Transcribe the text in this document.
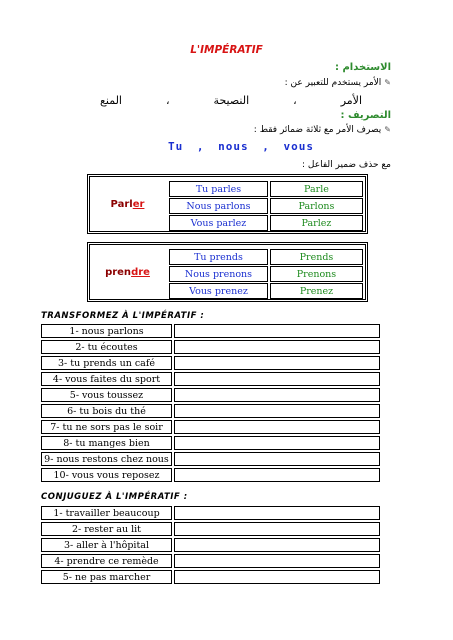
L'IMPÉRATIF
الاستخدام :
✎الأمر يستخدم للتعبير عن :
الأمر
،
النصيحة
،
المنع
التصريف :
✎يصرف الأمر مع ثلاثة ضمائر فقط :
Tu , nous , vous
مع حذف ضمير الفاعل :
Parl er
Tu parles	Parle
Nous parlons	Parlons
Vous parlez	Parlez
pren dre
Tu prends	Prends
Nous prenons	Prenons
Vous prenez	Prenez
TRANSFORMEZ À L'IMPÉRATIF :
1- nous parlons	
2- tu écoutes	
3- tu prends un café	
4- vous faites du sport	
5- vous toussez	
6- tu bois du thé	
7- tu ne sors pas le soir	
8- tu manges bien	
9- nous restons chez nous	
10- vous vous reposez	
CONJUGUEZ À L'IMPÉRATIF :
1- travailler beaucoup	
2- rester au lit	
3- aller à l'hôpital	
4- prendre ce remède	
5- ne pas marcher	
